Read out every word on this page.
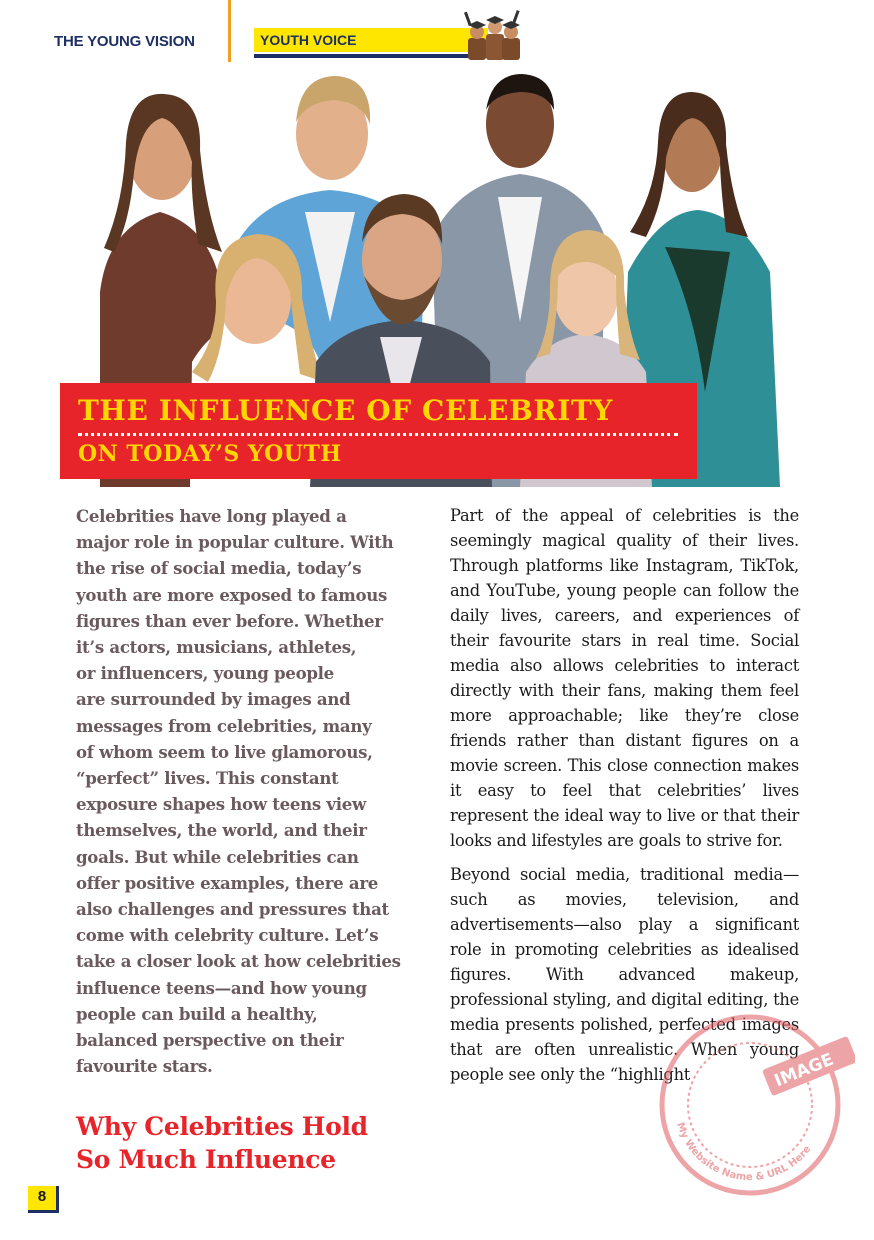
THE YOUNG VISION	YOUTH VOICE
THE INFLUENCE OF CELEBRITY
ON TODAY’S YOUTH

Celebrities have long played a

major role in popular culture. With

the rise of social media, today’s

youth are more exposed to famous

figures than ever before. Whether

it’s actors, musicians, athletes,

or influencers, young people

are surrounded by images and

messages from celebrities, many

of whom seem to live glamorous,

“perfect” lives. This constant

exposure shapes how teens view

themselves, the world, and their

goals. But while celebrities can

offer positive examples, there are

also challenges and pressures that

come with celebrity culture. Let’s

take a closer look at how celebrities

influence teens—and how young

people can build a healthy,

balanced perspective on their

favourite stars.

Why Celebrities Hold
So Much Influence

Part of the appeal of celebrities is the seemingly magical quality of their lives. Through platforms like Instagram, TikTok, and YouTube, young people can follow the daily lives, careers, and experiences of their favourite stars in real time. Social media also allows celebrities to interact directly with their fans, making them feel more approachable; like they’re close friends rather than distant figures on a movie screen. This close connection makes it easy to feel that celebrities’ lives represent the ideal way to live or that their looks and lifestyles are goals to strive for.

Beyond social media, traditional media—such as movies, television, and advertisements—also play a significant role in promoting celebrities as idealised figures. With advanced makeup, professional styling, and digital editing, the media presents polished, perfected images that are often unrealistic. When young people see only the “highlight	IMAGE
My Website Name & URL Here
8
